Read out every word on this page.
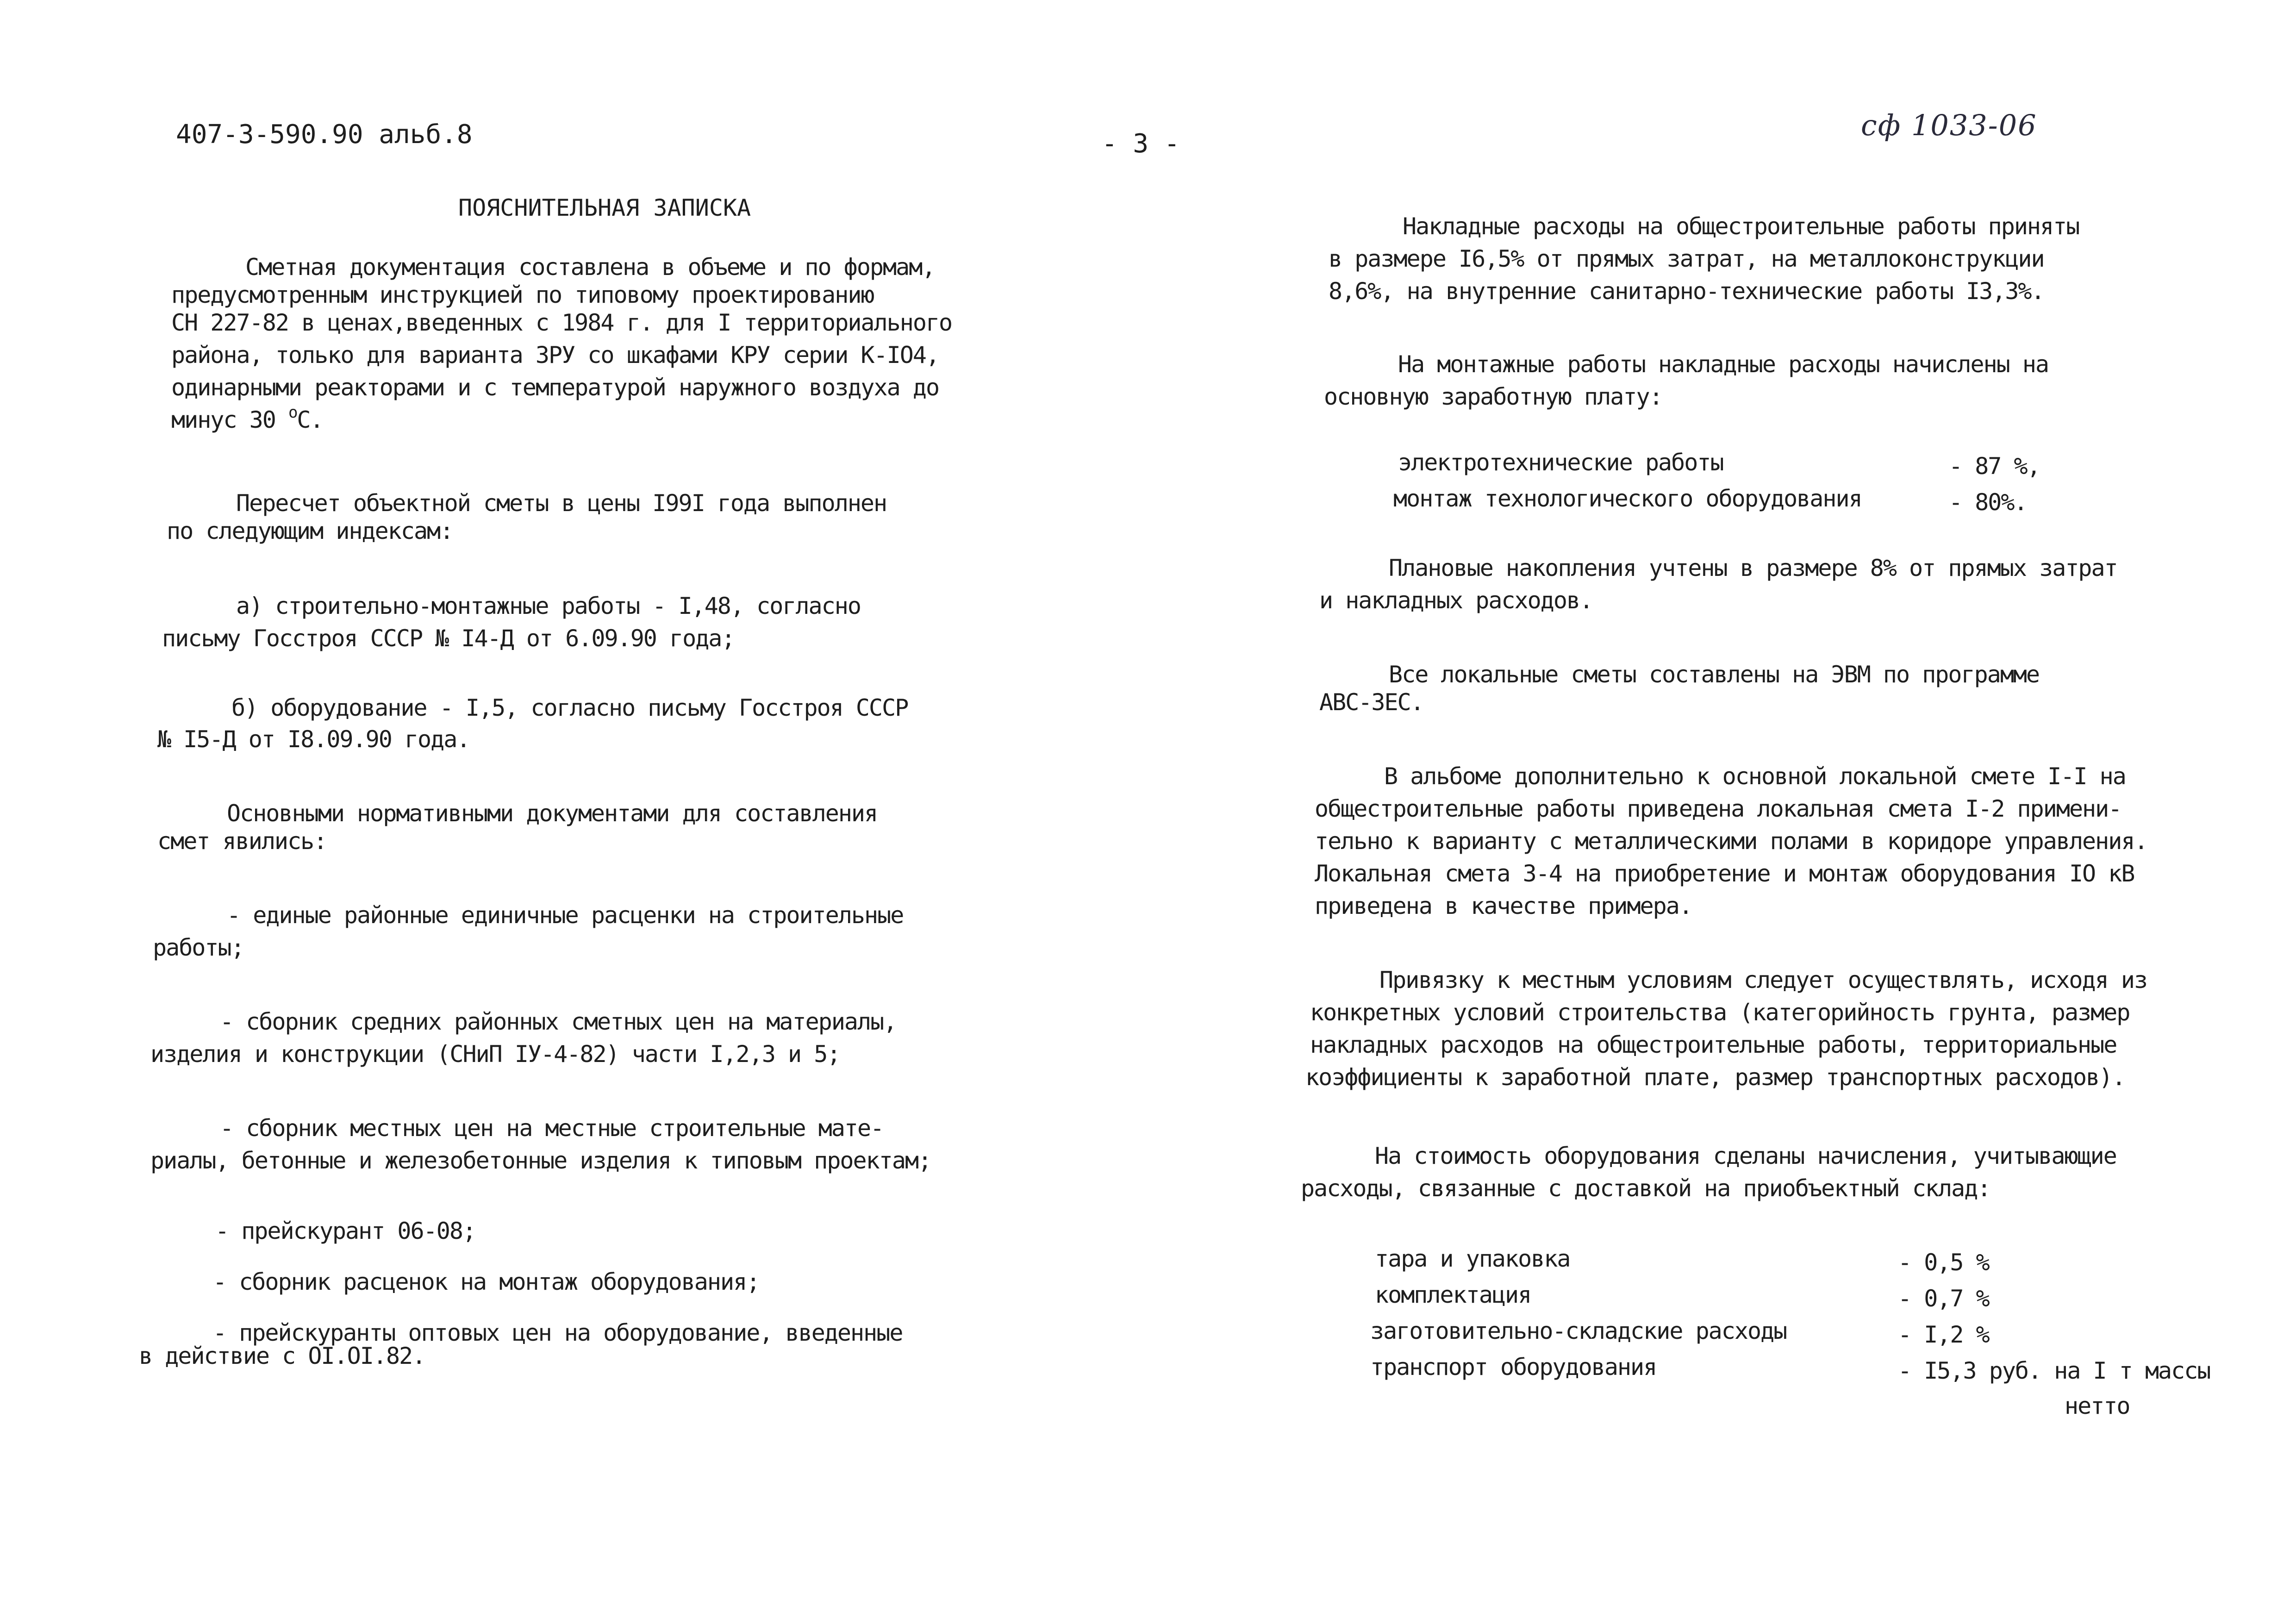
407-3-590.90 альб.8	- 3 -
сф 1033-06
ПОЯСНИТЕЛЬНАЯ ЗАПИСКА
Сметная документация составлена в объеме и по формам,
предусмотренным инструкцией по типовому проектированию
СН 227-82 в ценах,введенных с 1984 г. для I территориального
района, только для варианта ЗРУ со шкафами КРУ серии К-IO4,
одинарными реакторами и с температурой наружного воздуха до
минус 30 $^о$С.
Пересчет объектной сметы в цены I99I года выполнен
по следующим индексам:
а) строительно-монтажные работы - I,48, согласно
письму Госстроя СССР № I4-Д от 6.09.90 года;
б) оборудование - I,5, согласно письму Госстроя СССР
№ I5-Д от I8.09.90 года.
Основными нормативными документами для составления
смет явились:
- единые районные единичные расценки на строительные
работы;
- сборник средних районных сметных цен на материалы,
изделия и конструкции (СНиП IУ-4-82) части I,2,3 и 5;
- сборник местных цен на местные строительные мате-
риалы, бетонные и железобетонные изделия к типовым проектам;
- прейскурант 06-08;
- сборник расценок на монтаж оборудования;
- прейскуранты оптовых цен на оборудование, введенные
в действие с OI.OI.82.
Накладные расходы на общестроительные работы приняты
в размере I6,5% от прямых затрат, на металлоконструкции
8,6%, на внутренние санитарно-технические работы I3,3%.
На монтажные работы накладные расходы начислены на
основную заработную плату:
электротехнические работы	- 87 %,
монтаж технологического оборудования	- 80%.
Плановые накопления учтены в размере 8% от прямых затрат
и накладных расходов.
Все локальные сметы составлены на ЭВМ по программе
АВС-ЗЕС.
В альбоме дополнительно к основной локальной смете I-I на
общестроительные работы приведена локальная смета I-2 примени-
тельно к варианту с металлическими полами в коридоре управления.
Локальная смета 3-4 на приобретение и монтаж оборудования IO кВ
приведена в качестве примера.
Привязку к местным условиям следует осуществлять, исходя из
конкретных условий строительства (категорийность грунта, размер
накладных расходов на общестроительные работы, территориальные
коэффициенты к заработной плате, размер транспортных расходов).
На стоимость оборудования сделаны начисления, учитывающие
расходы, связанные с доставкой на приобъектный склад:
тара и упаковка	- 0,5 %
комплектация	- 0,7 %
заготовительно-складские расходы	- I,2 %
транспорт оборудования	- I5,3 руб. на I т массы
нетто
